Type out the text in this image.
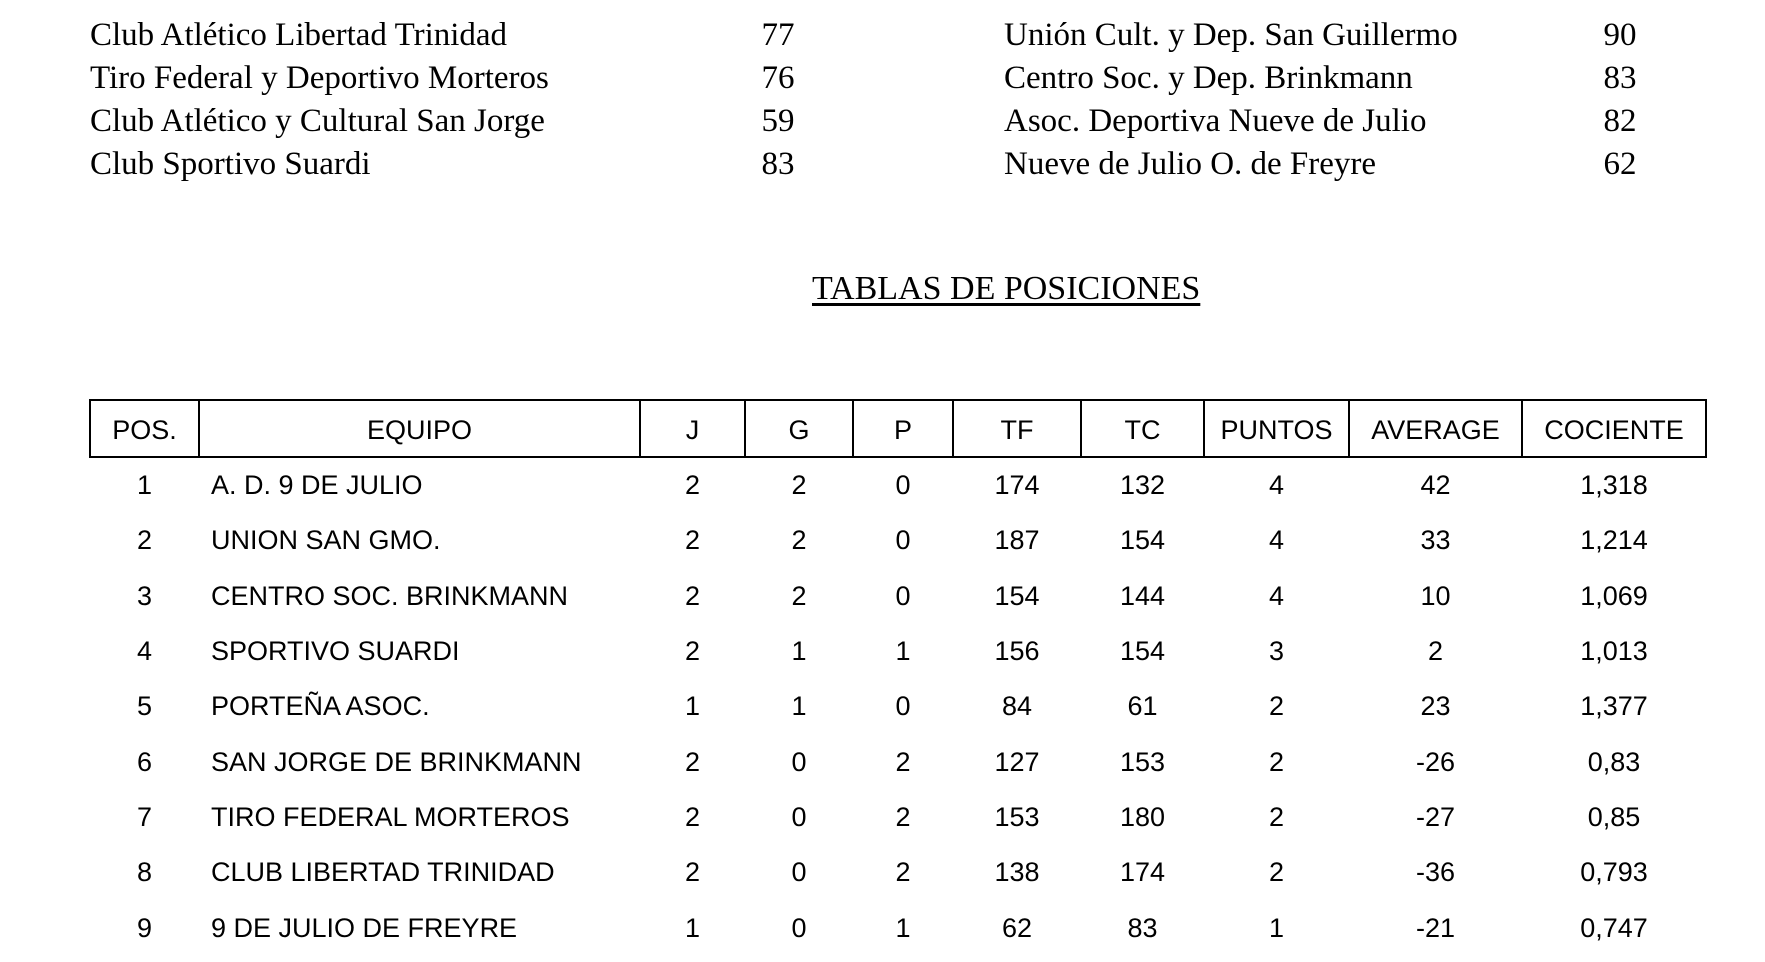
Club Atlético Libertad Trinidad	77
Tiro Federal y Deportivo Morteros	76
Club Atlético y Cultural San Jorge	59
Club Sportivo Suardi	83
Unión Cult. y Dep. San Guillermo	90
Centro Soc. y Dep. Brinkmann	83
Asoc. Deportiva Nueve de Julio	82
Nueve de Julio O. de Freyre	62
TABLAS DE POSICIONES
POS.	EQUIPO	J	G	P	TF	TC	PUNTOS	AVERAGE	COCIENTE
1	A. D. 9 DE JULIO	2	2	0	174	132	4	42	1,318
2	UNION SAN GMO.	2	2	0	187	154	4	33	1,214
3	CENTRO SOC. BRINKMANN	2	2	0	154	144	4	10	1,069
4	SPORTIVO SUARDI	2	1	1	156	154	3	2	1,013
5	PORTEÑA ASOC.	1	1	0	84	61	2	23	1,377
6	SAN JORGE DE BRINKMANN	2	0	2	127	153	2	-26	0,83
7	TIRO FEDERAL MORTEROS	2	0	2	153	180	2	-27	0,85
8	CLUB LIBERTAD TRINIDAD	2	0	2	138	174	2	-36	0,793
9	9 DE JULIO DE FREYRE	1	0	1	62	83	1	-21	0,747
